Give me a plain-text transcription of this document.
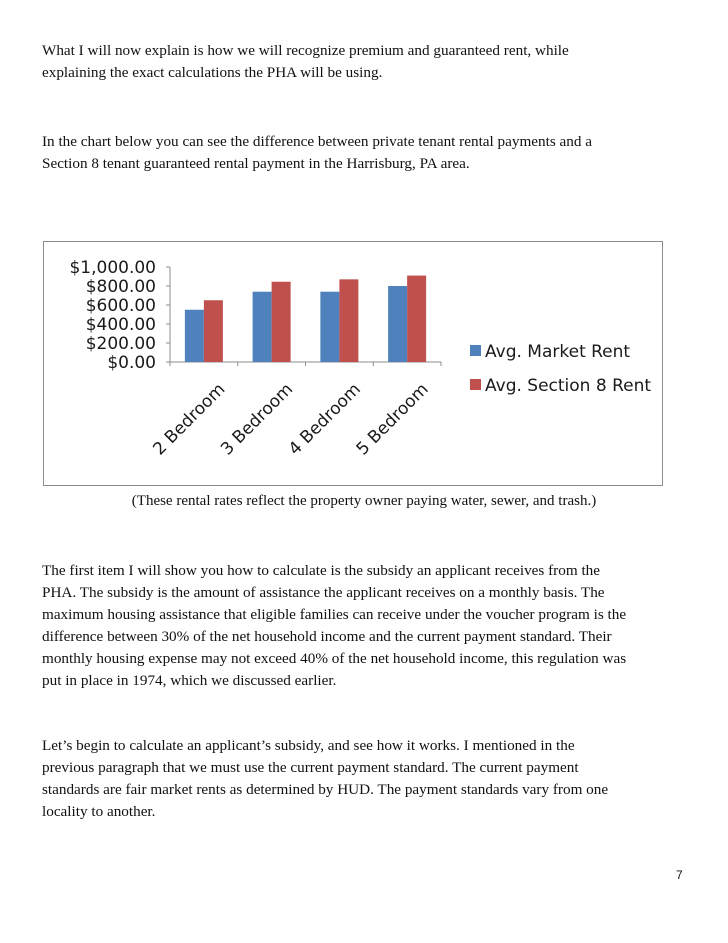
What I will now explain is how we will recognize premium and guaranteed rent, while
explaining the exact calculations the PHA will be using.

In the chart below you can see the difference between private tenant rental payments and a
Section 8 tenant guaranteed rental payment in the Harrisburg, PA area.

$0.00
$200.00
$400.00
$600.00
$800.00
$1,000.00
2 Bedroom
3 Bedroom
4 Bedroom
5 Bedroom
Avg. Market Rent
Avg. Section 8 Rent
(These rental rates reflect the property owner paying water, sewer, and trash.)

The first item I will show you how to calculate is the subsidy an applicant receives from the
PHA. The subsidy is the amount of assistance the applicant receives on a monthly basis. The
maximum housing assistance that eligible families can receive under the voucher program is the
difference between 30% of the net household income and the current payment standard. Their
monthly housing expense may not exceed 40% of the net household income, this regulation was
put in place in 1974, which we discussed earlier.

Let’s begin to calculate an applicant’s subsidy, and see how it works. I mentioned in the
previous paragraph that we must use the current payment standard. The current payment
standards are fair market rents as determined by HUD. The payment standards vary from one
locality to another.

7
